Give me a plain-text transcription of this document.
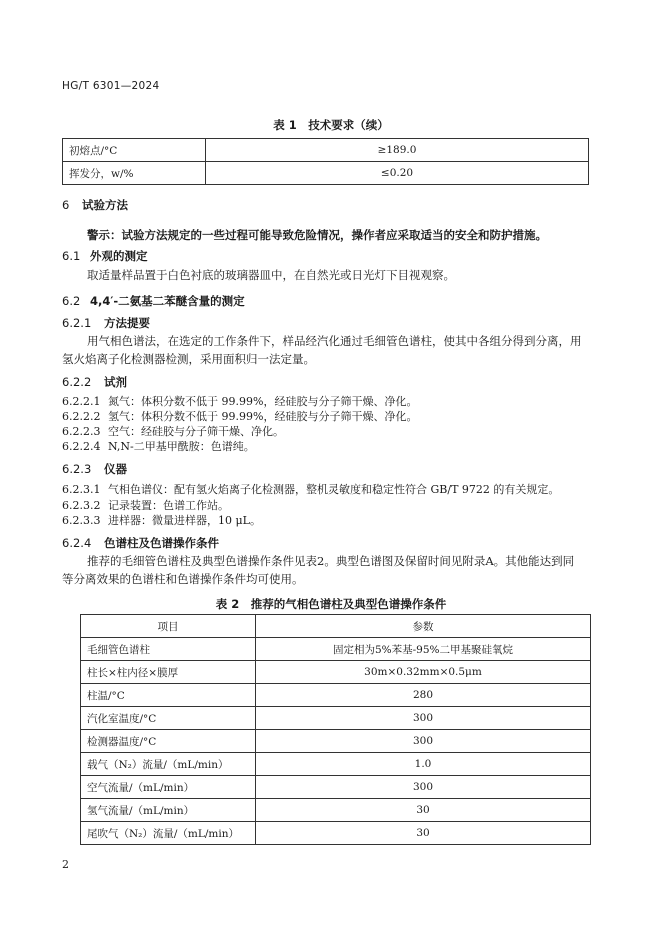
HG/T 6301—2024
表 1　技术要求（续）
初熔点/°C	≥189.0
挥发分，w/%	≤0.20
6 试验方法
警示：试验方法规定的一些过程可能导致危险情况，操作者应采取适当的安全和防护措施。
6.1 外观的测定
取适量样品置于白色衬底的玻璃器皿中，在自然光或日光灯下目视观察。
6.2 4,4′-二氨基二苯醚含量的测定
6.2.1 方法提要
用气相色谱法，在选定的工作条件下，样品经汽化通过毛细管色谱柱，使其中各组分得到分离，用
氢火焰离子化检测器检测，采用面积归一法定量。
6.2.2 试剂
6.2.2.1 氮气：体积分数不低于 99.99%，经硅胶与分子筛干燥、净化。
6.2.2.2 氢气：体积分数不低于 99.99%，经硅胶与分子筛干燥、净化。
6.2.2.3 空气：经硅胶与分子筛干燥、净化。
6.2.2.4 N,N-二甲基甲酰胺：色谱纯。
6.2.3 仪器
6.2.3.1 气相色谱仪：配有氢火焰离子化检测器，整机灵敏度和稳定性符合 GB/T 9722 的有关规定。
6.2.3.2 记录装置：色谱工作站。
6.2.3.3 进样器：微量进样器，10 μL。
6.2.4 色谱柱及色谱操作条件
推荐的毛细管色谱柱及典型色谱操作条件见表2。典型色谱图及保留时间见附录A。其他能达到同
等分离效果的色谱柱和色谱操作条件均可使用。
表 2　推荐的气相色谱柱及典型色谱操作条件
项目	参数
毛细管色谱柱	固定相为5%苯基-95%二甲基聚硅氧烷
柱长×柱内径×膜厚	30m×0.32mm×0.5μm
柱温/°C	280
汽化室温度/°C	300
检测器温度/°C	300
载气（N₂）流量/（mL/min）	1.0
空气流量/（mL/min）	300
氢气流量/（mL/min）	30
尾吹气（N₂）流量/（mL/min）	30
2
